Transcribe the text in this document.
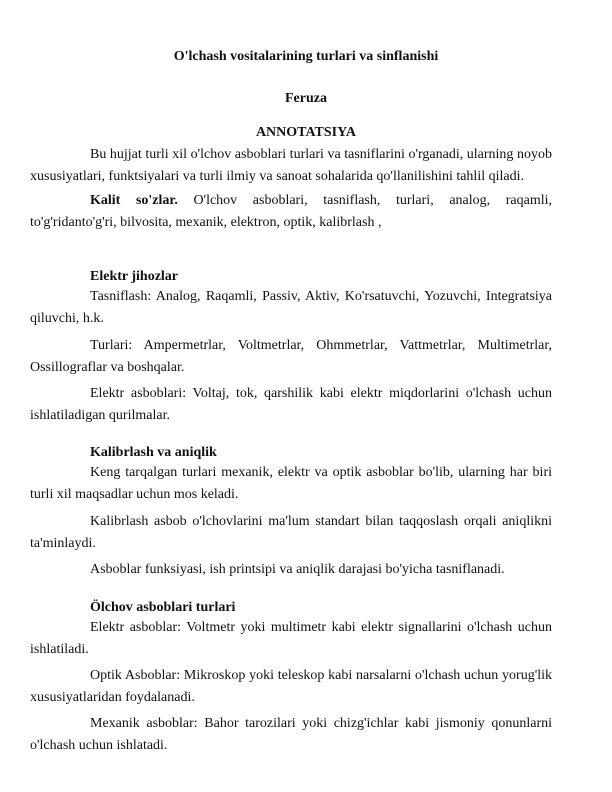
O'lchash vositalarining turlari va sinflanishi
Feruza
ANNOTATSIYA

Bu hujjat turli xil o'lchov asboblari turlari va tasniflarini o'rganadi, ularning noyob xususiyatlari, funktsiyalari va turli ilmiy va sanoat sohalarida qo'llanilishini tahlil qiladi.

Kalit so'zlar. O'lchov asboblari, tasniflash, turlari, analog, raqamli, to'g'ridanto'g'ri, bilvosita, mexanik, elektron, optik, kalibrlash ,

Elektr jihozlar

Tasniflash: Analog, Raqamli, Passiv, Aktiv, Ko'rsatuvchi, Yozuvchi, Integratsiya qiluvchi, h.k.

Turlari: Ampermetrlar, Voltmetrlar, Ohmmetrlar, Vattmetrlar, Multimetrlar, Ossillograflar va boshqalar.

Elektr asboblari: Voltaj, tok, qarshilik kabi elektr miqdorlarini o'lchash uchun ishlatiladigan qurilmalar.

Kalibrlash va aniqlik

Keng tarqalgan turlari mexanik, elektr va optik asboblar bo'lib, ularning har biri turli xil maqsadlar uchun mos keladi.

Kalibrlash asbob o'lchovlarini ma'lum standart bilan taqqoslash orqali aniqlikni ta'minlaydi.

Asboblar funksiyasi, ish printsipi va aniqlik darajasi bo'yicha tasniflanadi.

Ölchov asboblari turlari

Elektr asboblar: Voltmetr yoki multimetr kabi elektr signallarini o'lchash uchun ishlatiladi.

Optik Asboblar: Mikroskop yoki teleskop kabi narsalarni o'lchash uchun yorug'lik xususiyatlaridan foydalanadi.

Mexanik asboblar: Bahor tarozilari yoki chizg'ichlar kabi jismoniy qonunlarni o'lchash uchun ishlatadi.
